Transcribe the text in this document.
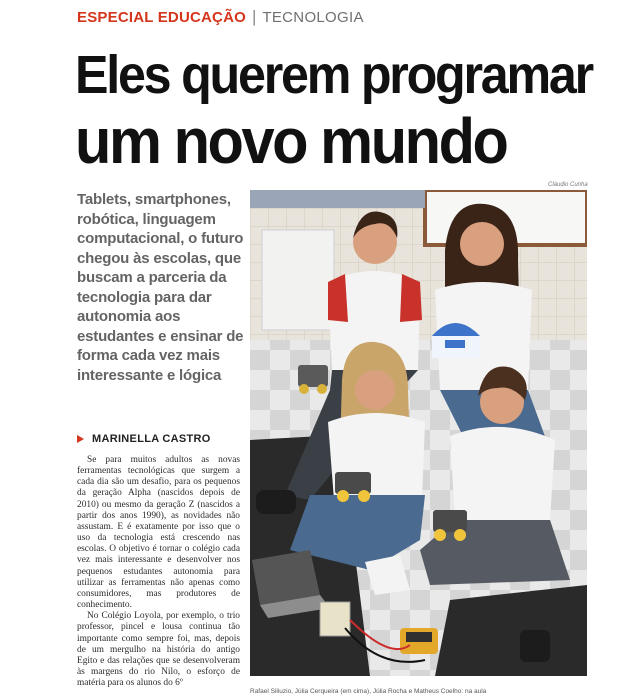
ESPECIAL EDUCAÇÃO | TECNOLOGIA
Eles querem programar
um novo mundo

Tablets, smartphones, robótica, linguagem computacional, o futuro chegou às escolas, que buscam a parceria da tecnologia para dar autonomia aos estudantes e ensinar de forma cada vez mais interessante e lógica

MARINELLA CASTRO

Se para muitos adultos as novas ferramentas tecnológicas que surgem a cada dia são um desafio, para os pequenos da geração Alpha (nascidos depois de 2010) ou mesmo da geração Z (nascidos a partir dos anos 1990), as novidades não assustam. E é exatamente por isso que o uso da tecnologia está crescendo nas escolas. O objetivo é tornar o colégio cada vez mais interessante e desenvolver nos pequenos estudantes autonomia para utilizar as ferramentas não apenas como consumidores, mas produtores de conhecimento.

No Colégio Loyola, por exemplo, o trio professor, pincel e lousa continua tão importante como sempre foi, mas, depois de um mergulho na história do antigo Egito e das relações que se desenvolveram às margens do rio Nilo, o esforço de matéria para os alunos do 6º

Cláudio Cunha
Rafael Siliuzio, Júlia Cerqueira (em cima), Júlia Rocha e Matheus Coelho: na aula
